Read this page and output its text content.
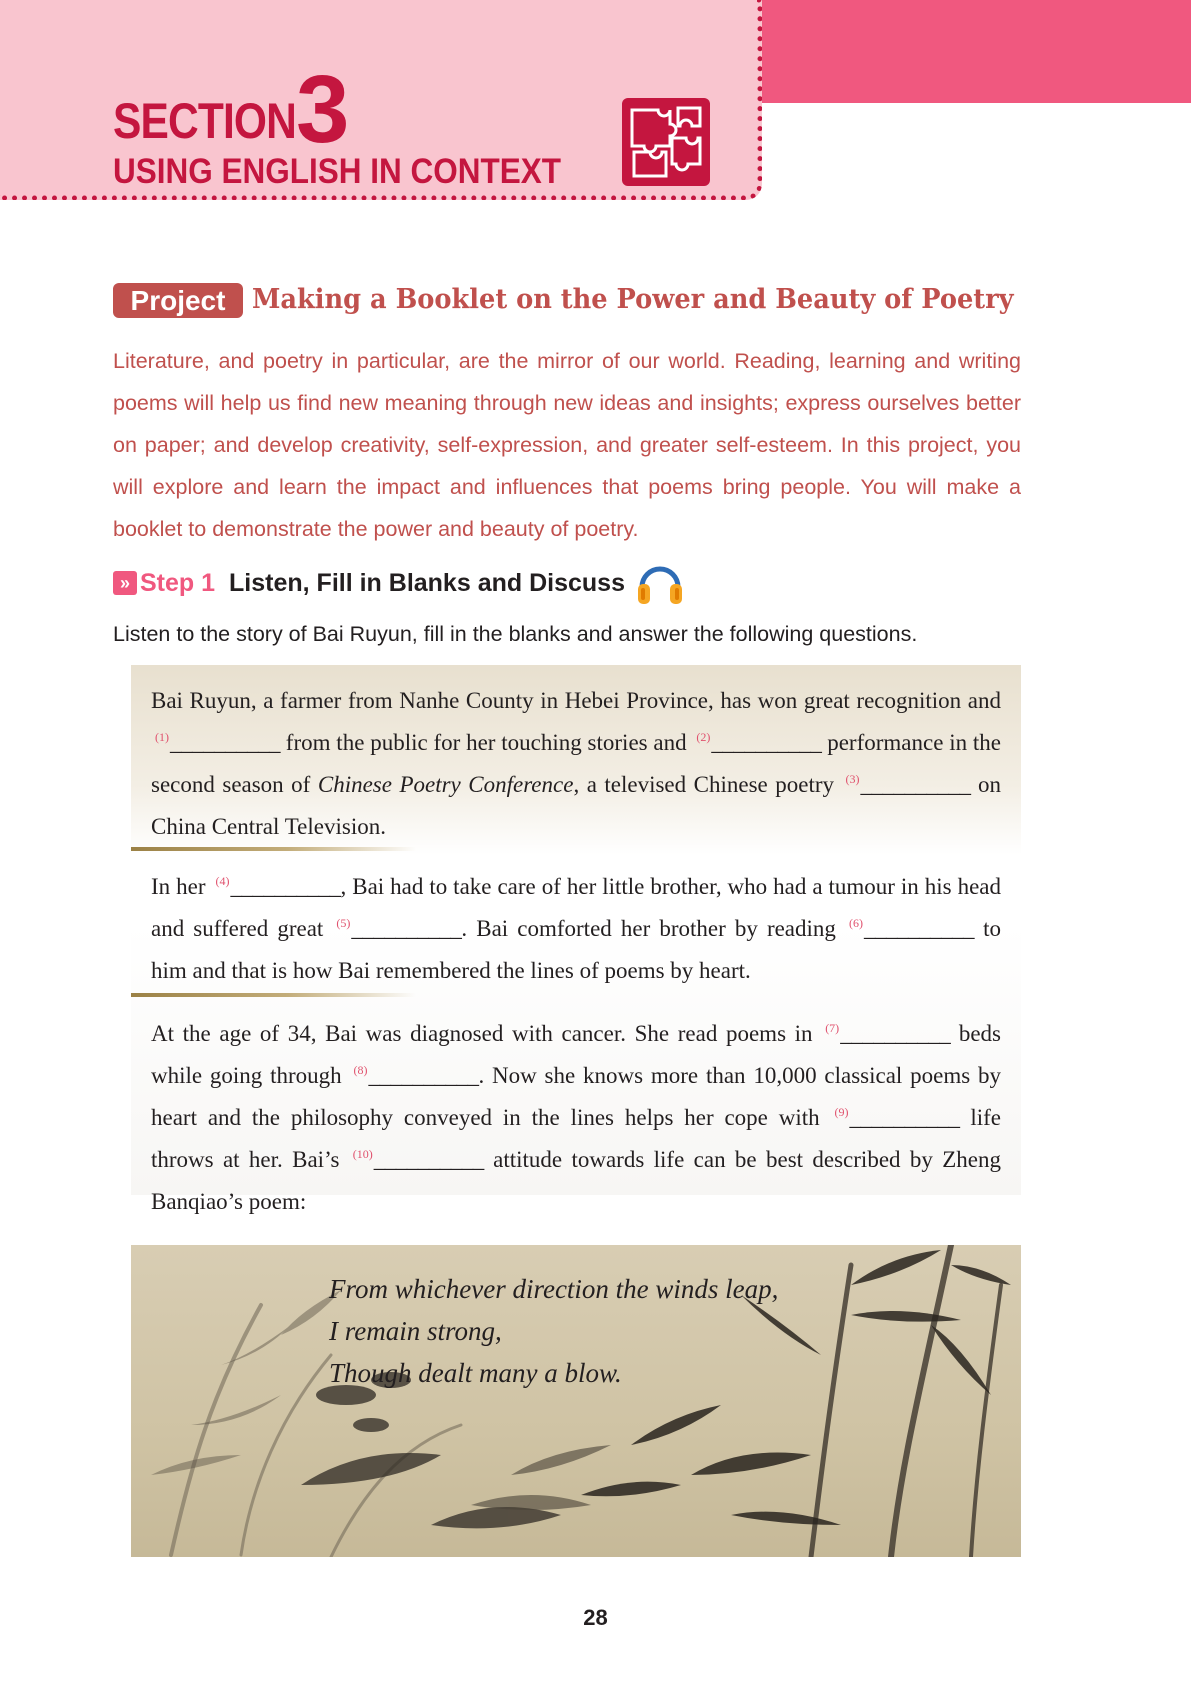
SECTION 3
USING ENGLISH IN CONTEXT
Project Making a Booklet on the Power and Beauty of Poetry

Literature, and poetry in particular, are the mirror of our world. Reading, learning and writing poems will help us find new meaning through new ideas and insights; express ourselves better on paper; and develop creativity, self-expression, and greater self-esteem. In this project, you will explore and learn the impact and influences that poems bring people. You will make a booklet to demonstrate the power and beauty of poetry.

» Step 1 Listen, Fill in Blanks and Discuss
Listen to the story of Bai Ruyun, fill in the blanks and answer the following questions.

Bai Ruyun, a farmer from Nanhe County in Hebei Province, has won great recognition and $^{(1)}$__________ from the public for her touching stories and $^{(2)}$__________ performance in the second season of Chinese Poetry Conference, a televised Chinese poetry $^{(3)}$__________ on China Central Television.

In her $^{(4)}$__________, Bai had to take care of her little brother, who had a tumour in his head and suffered great $^{(5)}$__________. Bai comforted her brother by reading $^{(6)}$__________ to him and that is how Bai remembered the lines of poems by heart.

At the age of 34, Bai was diagnosed with cancer. She read poems in $^{(7)}$__________ beds while going through $^{(8)}$__________. Now she knows more than 10,000 classical poems by heart and the philosophy conveyed in the lines helps her cope with $^{(9)}$__________ life throws at her. Bai’s $^{(10)}$__________ attitude towards life can be best described by Zheng Banqiao’s poem:

From whichever direction the winds leap,
I remain strong,
Though dealt many a blow.
28
